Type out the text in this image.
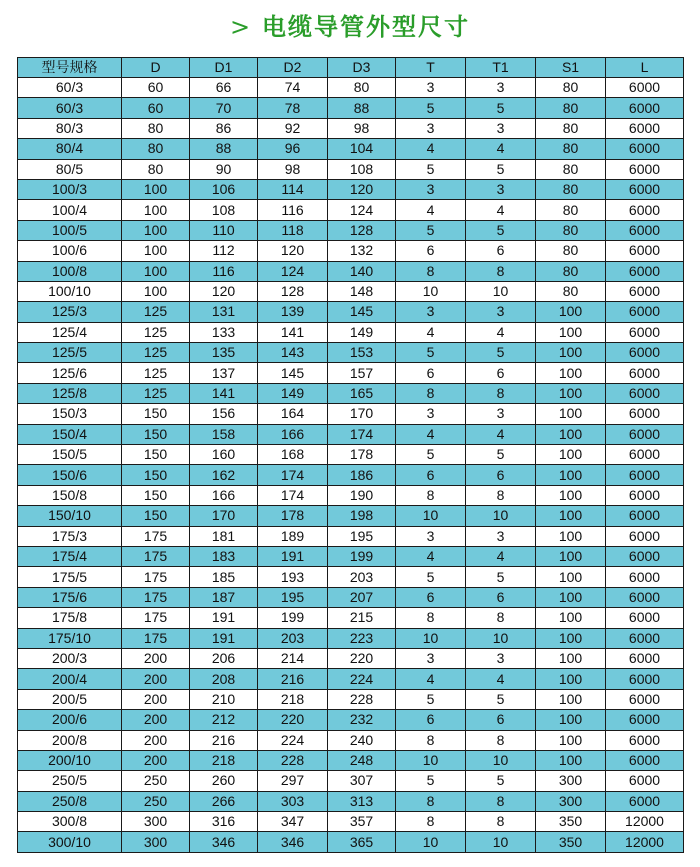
> 电缆导管外型尺寸
型号规格	D	D1	D2	D3	T	T1	S1	L
60/3	60	66	74	80	3	3	80	6000
60/3	60	70	78	88	5	5	80	6000
80/3	80	86	92	98	3	3	80	6000
80/4	80	88	96	104	4	4	80	6000
80/5	80	90	98	108	5	5	80	6000
100/3	100	106	114	120	3	3	80	6000
100/4	100	108	116	124	4	4	80	6000
100/5	100	110	118	128	5	5	80	6000
100/6	100	112	120	132	6	6	80	6000
100/8	100	116	124	140	8	8	80	6000
100/10	100	120	128	148	10	10	80	6000
125/3	125	131	139	145	3	3	100	6000
125/4	125	133	141	149	4	4	100	6000
125/5	125	135	143	153	5	5	100	6000
125/6	125	137	145	157	6	6	100	6000
125/8	125	141	149	165	8	8	100	6000
150/3	150	156	164	170	3	3	100	6000
150/4	150	158	166	174	4	4	100	6000
150/5	150	160	168	178	5	5	100	6000
150/6	150	162	174	186	6	6	100	6000
150/8	150	166	174	190	8	8	100	6000
150/10	150	170	178	198	10	10	100	6000
175/3	175	181	189	195	3	3	100	6000
175/4	175	183	191	199	4	4	100	6000
175/5	175	185	193	203	5	5	100	6000
175/6	175	187	195	207	6	6	100	6000
175/8	175	191	199	215	8	8	100	6000
175/10	175	191	203	223	10	10	100	6000
200/3	200	206	214	220	3	3	100	6000
200/4	200	208	216	224	4	4	100	6000
200/5	200	210	218	228	5	5	100	6000
200/6	200	212	220	232	6	6	100	6000
200/8	200	216	224	240	8	8	100	6000
200/10	200	218	228	248	10	10	100	6000
250/5	250	260	297	307	5	5	300	6000
250/8	250	266	303	313	8	8	300	6000
300/8	300	316	347	357	8	8	350	12000
300/10	300	346	346	365	10	10	350	12000
